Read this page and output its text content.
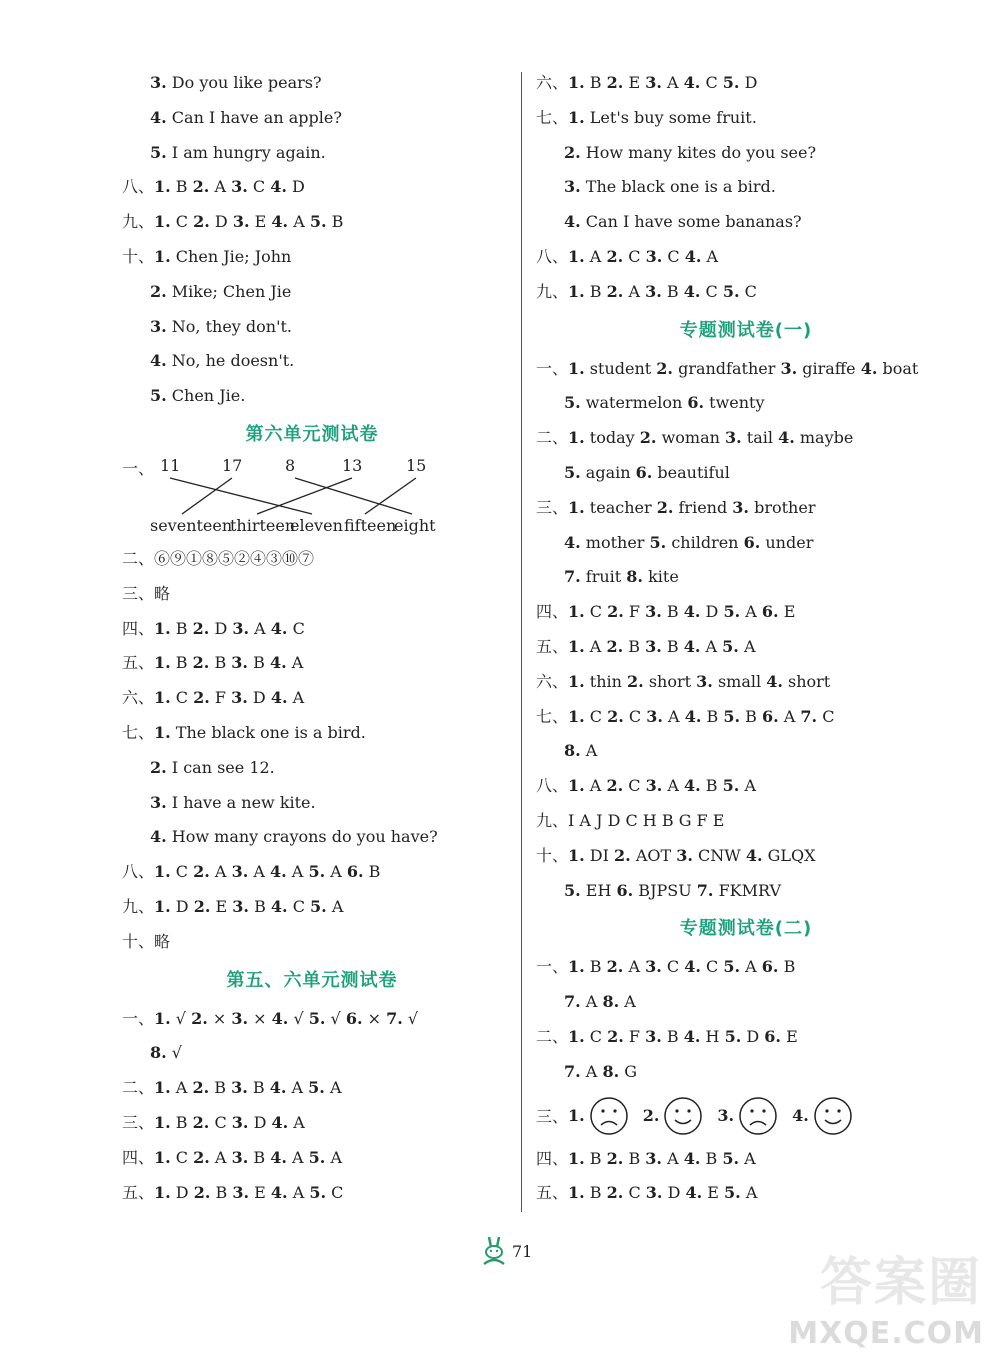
3. Do you like pears?
4. Can I have an apple?
5. I am hungry again.
八、1. B 2. A 3. C 4. D
九、1. C 2. D 3. E 4. A 5. B
十、1. Chen Jie; John
2. Mike; Chen Jie
3. No, they don't.
4. No, he doesn't.
5. Chen Jie.
第六单元测试卷
一、 11	17	8	13	15
seventeen
thirteen
eleven fifteen
eight
二、⑥⑨①⑧⑤②④③⑩⑦
三、略
四、1. B 2. D 3. A 4. C
五、1. B 2. B 3. B 4. A
六、1. C 2. F 3. D 4. A
七、1. The black one is a bird.
2. I can see 12.
3. I have a new kite.
4. How many crayons do you have?
八、1. C 2. A 3. A 4. A 5. A 6. B
九、1. D 2. E 3. B 4. C 5. A
十、略
第五、六单元测试卷
一、1. √ 2. × 3. × 4. √ 5. √ 6. × 7. √
8. √
二、1. A 2. B 3. B 4. A 5. A
三、1. B 2. C 3. D 4. A
四、1. C 2. A 3. B 4. A 5. A
五、1. D 2. B 3. E 4. A 5. C
六、1. B 2. E 3. A 4. C 5. D
七、1. Let's buy some fruit.
2. How many kites do you see?
3. The black one is a bird.
4. Can I have some bananas?
八、1. A 2. C 3. C 4. A
九、1. B 2. A 3. B 4. C 5. C
专题测试卷(一)
一、1. student 2. grandfather 3. giraffe 4. boat
5. watermelon 6. twenty
二、1. today 2. woman 3. tail 4. maybe
5. again 6. beautiful
三、1. teacher 2. friend 3. brother
4. mother 5. children 6. under
7. fruit 8. kite
四、1. C 2. F 3. B 4. D 5. A 6. E
五、1. A 2. B 3. B 4. A 5. A
六、1. thin 2. short 3. small 4. short
七、1. C 2. C 3. A 4. B 5. B 6. A 7. C
8. A
八、1. A 2. C 3. A 4. B 5. A
九、I A J D C H B G F E
十、1. DI 2. AOT 3. CNW 4. GLQX
5. EH 6. BJPSU 7. FKMRV
专题测试卷(二)
一、1. B 2. A 3. C 4. C 5. A 6. B
7. A 8. A
二、1. C 2. F 3. B 4. H 5. D 6. E
7. A 8. G
三、 1.	2.	3.	4.
四、1. B 2. B 3. A 4. B 5. A
五、1. B 2. C 3. D 4. E 5. A
71
答案圈
MXQE.COM
